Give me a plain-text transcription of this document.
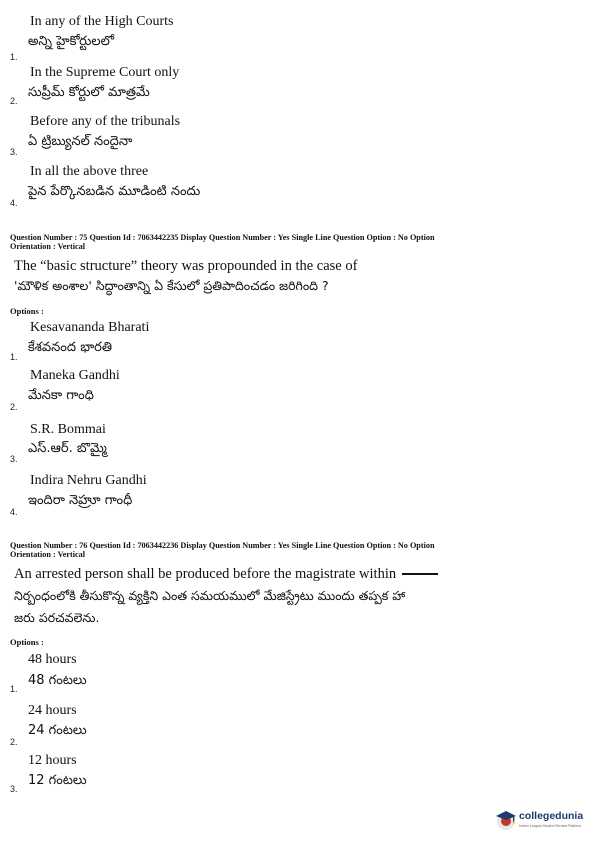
In any of the High Courts
అన్ని హైకోర్టులలో
1.
In the Supreme Court only
సుప్రీమ్ కోర్టులో మాత్రమే
2.
Before any of the tribunals
ఏ ట్రిబ్యునల్ నందైనా
3.
In all the above three
పైన పేర్కొనబడిన మూడింటి నందు
4.
Question Number : 75 Question Id : 7063442235 Display Question Number : Yes Single Line Question Option : No Option
Orientation : Vertical
The “basic structure” theory was propounded in the case of
'మౌళిక అంశాల' సిద్ధాంతాన్ని ఏ కేసులో ప్రతిపాదించడం జరిగింది ?
Options :
Kesavananda Bharati
కేశవనంద భారతి
1.
Maneka Gandhi
మేనకా గాంధి
2.
S.R. Bommai
ఎస్.ఆర్. బొమ్మై
3.
Indira Nehru Gandhi
ఇందిరా నెహ్రూ గాంధీ
4.
Question Number : 76 Question Id : 7063442236 Display Question Number : Yes Single Line Question Option : No Option
Orientation : Vertical
An arrested person shall be produced before the magistrate within
నిర్బంధంలోకి తీసుకొన్న వ్యక్తిని ఎంత సమయములో మేజిస్ట్రేటు ముందు తప్పక హా
జరు పరచవలెను.
Options :
48 hours
48 గంటలు
1.
24 hours
24 గంటలు
2.
12 hours
12 గంటలు
3.
collegedunia
India's Largest Student Review Platform
